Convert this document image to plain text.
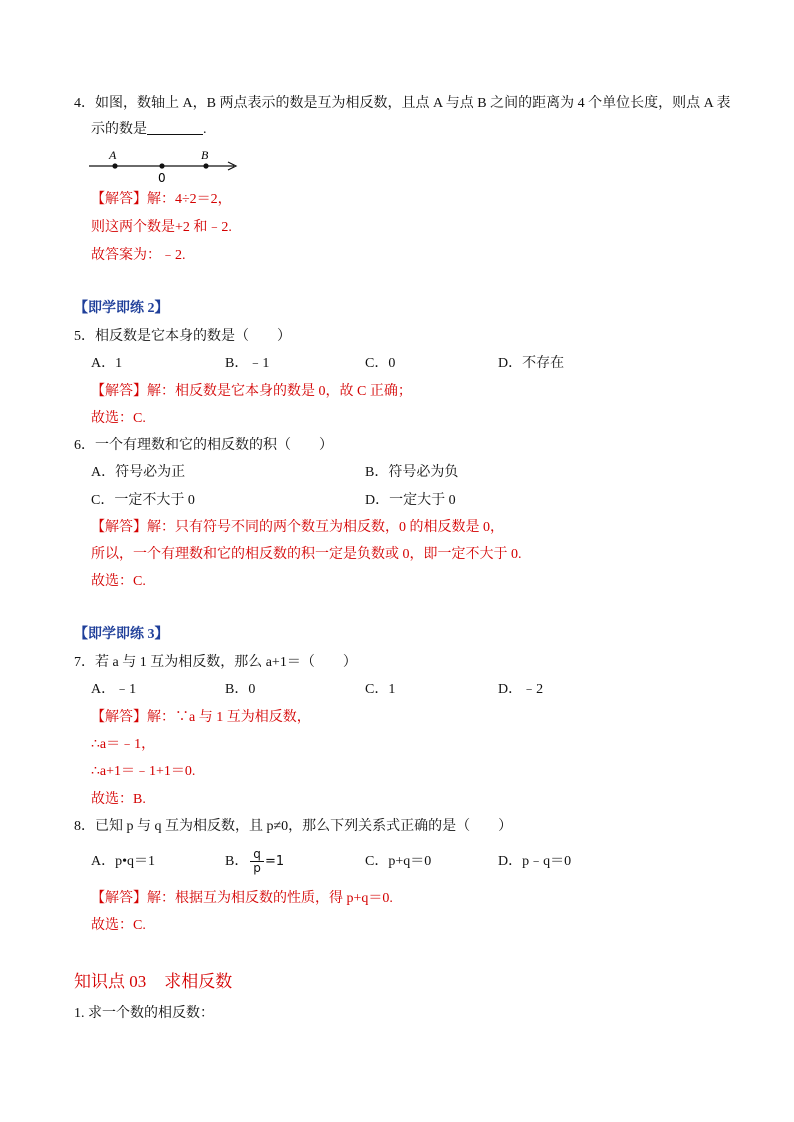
4．如图，数轴上 A，B 两点表示的数是互为相反数，且点 A 与点 B 之间的距离为 4 个单位长度，则点 A 表
示的数是	.
A	B
0
【解答】解：4÷2＝2，
则这两个数是+2 和﹣2.
故答案为：﹣2.
【即学即练 2】
5．相反数是它本身的数是（　　）
A．1	B．﹣1	C．0	D．不存在
【解答】解：相反数是它本身的数是 0，故 C 正确；
故选：C.
6．一个有理数和它的相反数的积（　　）
A．符号必为正	B．符号必为负
C．一定不大于 0	D．一定大于 0
【解答】解：只有符号不同的两个数互为相反数，0 的相反数是 0，
所以，一个有理数和它的相反数的积一定是负数或 0，即一定不大于 0.
故选：C.
【即学即练 3】
7．若 a 与 1 互为相反数，那么 a+1＝（　　）
A．﹣1	B．0	C．1	D．﹣2
【解答】解：∵a 与 1 互为相反数，
∴a＝﹣1，
∴a+1＝﹣1+1＝0.
故选：B.
8．已知 p 与 q 互为相反数，且 p≠0，那么下列关系式正确的是（　　）
A．p•q＝1	B． q
p =1	C．p+q＝0	D．p﹣q＝0
【解答】解：根据互为相反数的性质，得 p+q＝0.
故选：C.
知识点 03 求相反数
1. 求一个数的相反数：
